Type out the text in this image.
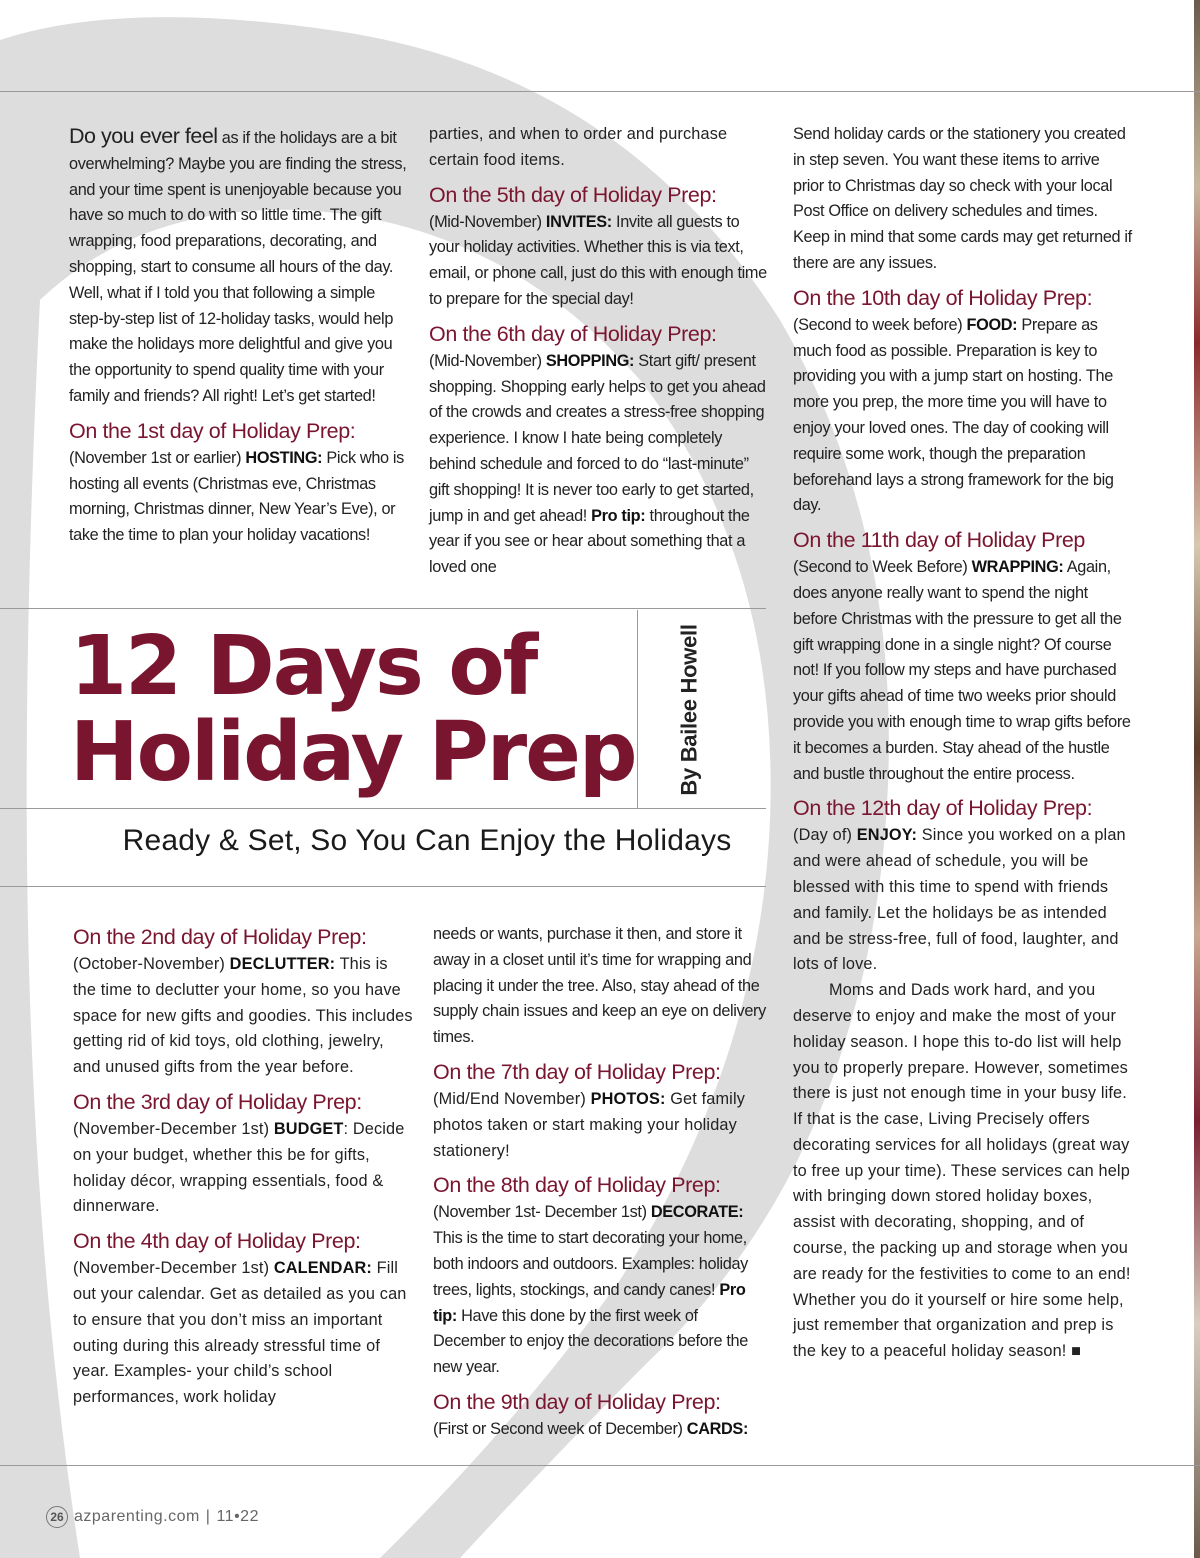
Do you ever feel as if the holidays are a bit overwhelming? Maybe you are finding the stress, and your time spent is unenjoyable because you have so much to do with so little time. The gift wrapping, food preparations, decorating, and shopping, start to consume all hours of the day. Well, what if I told you that following a simple step-by-step list of 12-holiday tasks, would help make the holidays more delightful and give you the opportunity to spend quality time with your family and friends? All right! Let’s get started!

On the 1st day of Holiday Prep:

(November 1st or earlier) HOSTING: Pick who is hosting all events (Christmas eve, Christmas morning, Christmas dinner, New Year’s Eve), or take the time to plan your holiday vacations!

parties, and when to order and purchase certain food items.

On the 5th day of Holiday Prep:

(Mid-November) INVITES: Invite all guests to your holiday activities. Whether this is via text, email, or phone call, just do this with enough time to prepare for the special day!

On the 6th day of Holiday Prep:

(Mid-November) SHOPPING: Start gift/ present shopping. Shopping early helps to get you ahead of the crowds and creates a stress-free shopping experience. I know I hate being completely behind schedule and forced to do “last-minute” gift shopping! It is never too early to get started, jump in and get ahead! Pro tip: throughout the year if you see or hear about something that a loved one

12 Days of
Holiday Prep By Bailee Howell
Ready & Set, So You Can Enjoy the Holidays
On the 2nd day of Holiday Prep:

(October-November) DECLUTTER: This is the time to declutter your home, so you have space for new gifts and goodies. This includes getting rid of kid toys, old clothing, jewelry, and unused gifts from the year before.

On the 3rd day of Holiday Prep:

(November-December 1st) BUDGET: Decide on your budget, whether this be for gifts, holiday décor, wrapping essentials, food & dinnerware.

On the 4th day of Holiday Prep:

(November-December 1st) CALENDAR: Fill out your calendar. Get as detailed as you can to ensure that you don’t miss an important outing during this already stressful time of year. Examples- your child’s school performances, work holiday

needs or wants, purchase it then, and store it away in a closet until it’s time for wrapping and placing it under the tree. Also, stay ahead of the supply chain issues and keep an eye on delivery times.

On the 7th day of Holiday Prep:

(Mid/End November) PHOTOS: Get family photos taken or start making your holiday stationery!

On the 8th day of Holiday Prep:

(November 1st- December 1st) DECORATE: This is the time to start decorating your home, both indoors and outdoors. Examples: holiday trees, lights, stockings, and candy canes! Pro tip: Have this done by the first week of December to enjoy the decorations before the new year.

On the 9th day of Holiday Prep:

(First or Second week of December) CARDS:

Send holiday cards or the stationery you created in step seven. You want these items to arrive prior to Christmas day so check with your local Post Office on delivery schedules and times. Keep in mind that some cards may get returned if there are any issues.

On the 10th day of Holiday Prep:

(Second to week before) FOOD: Prepare as much food as possible. Preparation is key to providing you with a jump start on hosting. The more you prep, the more time you will have to enjoy your loved ones. The day of cooking will require some work, though the preparation beforehand lays a strong framework for the big day.

On the 11th day of Holiday Prep

(Second to Week Before) WRAPPING: Again, does anyone really want to spend the night before Christmas with the pressure to get all the gift wrapping done in a single night? Of course not! If you follow my steps and have purchased your gifts ahead of time two weeks prior should provide you with enough time to wrap gifts before it becomes a burden. Stay ahead of the hustle and bustle throughout the entire process.

On the 12th day of Holiday Prep:

(Day of) ENJOY: Since you worked on a plan and were ahead of schedule, you will be blessed with this time to spend with friends and family. Let the holidays be as intended and be stress-free, full of food, laughter, and lots of love.

Moms and Dads work hard, and you deserve to enjoy and make the most of your holiday season. I hope this to-do list will help you to properly prepare. However, sometimes there is just not enough time in your busy life. If that is the case, Living Precisely offers decorating services for all holidays (great way to free up your time). These services can help with bringing down stored holiday boxes, assist with decorating, shopping, and of course, the packing up and storage when you are ready for the festivities to come to an end! Whether you do it yourself or hire some help, just remember that organization and prep is the key to a peaceful holiday season! ■

26 azparenting.com | 11•22
